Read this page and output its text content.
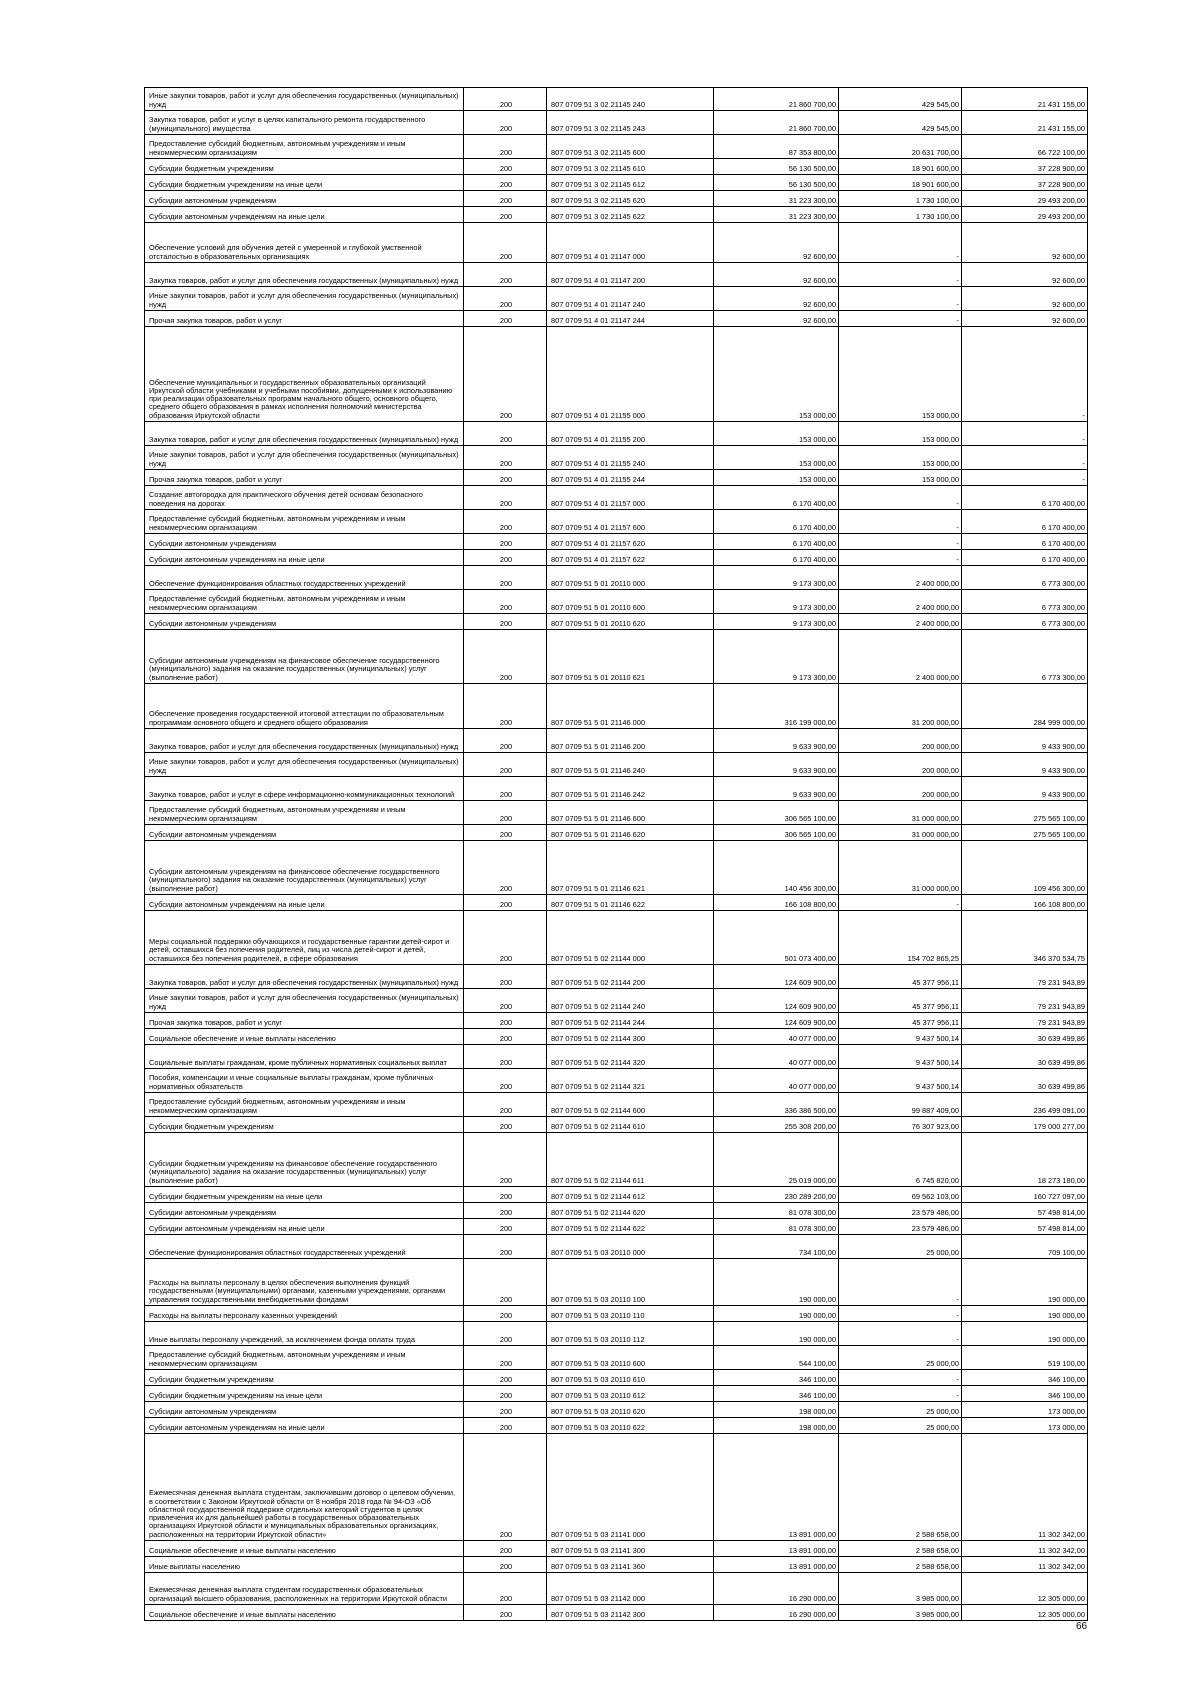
Иные закупки товаров, работ и услуг для обеспечения государственных (муниципальных) нужд	200	807 0709 51 3 02 21145 240	21 860 700,00	429 545,00	21 431 155,00
Закупка товаров, работ и услуг в целях капитального ремонта государственного (муниципального) имущества	200	807 0709 51 3 02 21145 243	21 860 700,00	429 545,00	21 431 155,00
Предоставление субсидий бюджетным, автономным учреждениям и иным некоммерческим организациям	200	807 0709 51 3 02 21145 600	87 353 800,00	20 631 700,00	66 722 100,00
Субсидии бюджетным учреждениям	200	807 0709 51 3 02 21145 610	56 130 500,00	18 901 600,00	37 228 900,00
Субсидии бюджетным учреждениям на иные цели	200	807 0709 51 3 02 21145 612	56 130 500,00	18 901 600,00	37 228 900,00
Субсидии автономным учреждениям	200	807 0709 51 3 02 21145 620	31 223 300,00	1 730 100,00	29 493 200,00
Субсидии автономным учреждениям на иные цели	200	807 0709 51 3 02 21145 622	31 223 300,00	1 730 100,00	29 493 200,00
Обеспечение условий для обучения детей с умеренной и глубокой умственной отсталостью в образовательных организациях	200	807 0709 51 4 01 21147 000	92 600,00	-	92 600,00
Закупка товаров, работ и услуг для обеспечения государственных (муниципальных) нужд	200	807 0709 51 4 01 21147 200	92 600,00	-	92 600,00
Иные закупки товаров, работ и услуг для обеспечения государственных (муниципальных) нужд	200	807 0709 51 4 01 21147 240	92 600,00	-	92 600,00
Прочая закупка товаров, работ и услуг	200	807 0709 51 4 01 21147 244	92 600,00	-	92 600,00
Обеспечение муниципальных и государственных образовательных организаций Иркутской области учебниками и учебными пособиями, допущенными к использованию при реализации образовательных программ начального общего, основного общего, среднего общего образования в рамках исполнения полномочий министерства образования Иркутской области	200	807 0709 51 4 01 21155 000	153 000,00	153 000,00	-
Закупка товаров, работ и услуг для обеспечения государственных (муниципальных) нужд	200	807 0709 51 4 01 21155 200	153 000,00	153 000,00	-
Иные закупки товаров, работ и услуг для обеспечения государственных (муниципальных) нужд	200	807 0709 51 4 01 21155 240	153 000,00	153 000,00	-
Прочая закупка товаров, работ и услуг	200	807 0709 51 4 01 21155 244	153 000,00	153 000,00	-
Создание автогородка для практического обучения детей основам безопасного поведения на дорогах	200	807 0709 51 4 01 21157 000	6 170 400,00	-	6 170 400,00
Предоставление субсидий бюджетным, автономным учреждениям и иным некоммерческим организациям	200	807 0709 51 4 01 21157 600	6 170 400,00	-	6 170 400,00
Субсидии автономным учреждениям	200	807 0709 51 4 01 21157 620	6 170 400,00	-	6 170 400,00
Субсидии автономным учреждениям на иные цели	200	807 0709 51 4 01 21157 622	6 170 400,00	-	6 170 400,00
Обеспечение функционирования областных государственных учреждений	200	807 0709 51 5 01 20110 000	9 173 300,00	2 400 000,00	6 773 300,00
Предоставление субсидий бюджетным, автономным учреждениям и иным некоммерческим организациям	200	807 0709 51 5 01 20110 600	9 173 300,00	2 400 000,00	6 773 300,00
Субсидии автономным учреждениям	200	807 0709 51 5 01 20110 620	9 173 300,00	2 400 000,00	6 773 300,00
Субсидии автономным учреждениям на финансовое обеспечение государственного (муниципального) задания на оказание государственных (муниципальных) услуг (выполнение работ)	200	807 0709 51 5 01 20110 621	9 173 300,00	2 400 000,00	6 773 300,00
Обеспечение проведения государственной итоговой аттестации по образовательным программам основного общего и среднего общего образования	200	807 0709 51 5 01 21146 000	316 199 000,00	31 200 000,00	284 999 000,00
Закупка товаров, работ и услуг для обеспечения государственных (муниципальных) нужд	200	807 0709 51 5 01 21146 200	9 633 900,00	200 000,00	9 433 900,00
Иные закупки товаров, работ и услуг для обеспечения государственных (муниципальных) нужд	200	807 0709 51 5 01 21146 240	9 633 900,00	200 000,00	9 433 900,00
Закупка товаров, работ и услуг в сфере информационно-коммуникационных технологий	200	807 0709 51 5 01 21146 242	9 633 900,00	200 000,00	9 433 900,00
Предоставление субсидий бюджетным, автономным учреждениям и иным некоммерческим организациям	200	807 0709 51 5 01 21146 600	306 565 100,00	31 000 000,00	275 565 100,00
Субсидии автономным учреждениям	200	807 0709 51 5 01 21146 620	306 565 100,00	31 000 000,00	275 565 100,00
Субсидии автономным учреждениям на финансовое обеспечение государственного (муниципального) задания на оказание государственных (муниципальных) услуг (выполнение работ)	200	807 0709 51 5 01 21146 621	140 456 300,00	31 000 000,00	109 456 300,00
Субсидии автономным учреждениям на иные цели	200	807 0709 51 5 01 21146 622	166 108 800,00	-	166 108 800,00
Меры социальной поддержки обучающихся и государственные гарантии детей-сирот и детей, оставшихся без попечения родителей, лиц из числа детей-сирот и детей, оставшихся без попечения родителей, в сфере образования	200	807 0709 51 5 02 21144 000	501 073 400,00	154 702 865,25	346 370 534,75
Закупка товаров, работ и услуг для обеспечения государственных (муниципальных) нужд	200	807 0709 51 5 02 21144 200	124 609 900,00	45 377 956,11	79 231 943,89
Иные закупки товаров, работ и услуг для обеспечения государственных (муниципальных) нужд	200	807 0709 51 5 02 21144 240	124 609 900,00	45 377 956,11	79 231 943,89
Прочая закупка товаров, работ и услуг	200	807 0709 51 5 02 21144 244	124 609 900,00	45 377 956,11	79 231 943,89
Социальное обеспечение и иные выплаты населению	200	807 0709 51 5 02 21144 300	40 077 000,00	9 437 500,14	30 639 499,86
Социальные выплаты гражданам, кроме публичных нормативных социальных выплат	200	807 0709 51 5 02 21144 320	40 077 000,00	9 437 500,14	30 639 499,86
Пособия, компенсации и иные социальные выплаты гражданам, кроме публичных нормативных обязательств	200	807 0709 51 5 02 21144 321	40 077 000,00	9 437 500,14	30 639 499,86
Предоставление субсидий бюджетным, автономным учреждениям и иным некоммерческим организациям	200	807 0709 51 5 02 21144 600	336 386 500,00	99 887 409,00	236 499 091,00
Субсидии бюджетным учреждениям	200	807 0709 51 5 02 21144 610	255 308 200,00	76 307 923,00	179 000 277,00
Субсидии бюджетным учреждениям на финансовое обеспечение государственного (муниципального) задания на оказание государственных (муниципальных) услуг (выполнение работ)	200	807 0709 51 5 02 21144 611	25 019 000,00	6 745 820,00	18 273 180,00
Субсидии бюджетным учреждениям на иные цели	200	807 0709 51 5 02 21144 612	230 289 200,00	69 562 103,00	160 727 097,00
Субсидии автономным учреждениям	200	807 0709 51 5 02 21144 620	81 078 300,00	23 579 486,00	57 498 814,00
Субсидии автономным учреждениям на иные цели	200	807 0709 51 5 02 21144 622	81 078 300,00	23 579 486,00	57 498 814,00
Обеспечение функционирования областных государственных учреждений	200	807 0709 51 5 03 20110 000	734 100,00	25 000,00	709 100,00
Расходы на выплаты персоналу в целях обеспечения выполнения функций государственными (муниципальными) органами, казенными учреждениями, органами управления государственными внебюджетными фондами	200	807 0709 51 5 03 20110 100	190 000,00	-	190 000,00
Расходы на выплаты персоналу казенных учреждений	200	807 0709 51 5 03 20110 110	190 000,00	-	190 000,00
Иные выплаты персоналу учреждений, за исключением фонда оплаты труда	200	807 0709 51 5 03 20110 112	190 000,00	-	190 000,00
Предоставление субсидий бюджетным, автономным учреждениям и иным некоммерческим организациям	200	807 0709 51 5 03 20110 600	544 100,00	25 000,00	519 100,00
Субсидии бюджетным учреждениям	200	807 0709 51 5 03 20110 610	346 100,00	-	346 100,00
Субсидии бюджетным учреждениям на иные цели	200	807 0709 51 5 03 20110 612	346 100,00	-	346 100,00
Субсидии автономным учреждениям	200	807 0709 51 5 03 20110 620	198 000,00	25 000,00	173 000,00
Субсидии автономным учреждениям на иные цели	200	807 0709 51 5 03 20110 622	198 000,00	25 000,00	173 000,00
Ежемесячная денежная выплата студентам, заключившим договор о целевом обучении, в соответствии с Законом Иркутской области от 8 ноября 2018 года № 94-ОЗ «Об областной государственной поддержке отдельных категорий студентов в целях привлечения их для дальнейшей работы в государственных образовательных организациях Иркутской области и муниципальных образовательных организациях, расположенных на территории Иркутской области»	200	807 0709 51 5 03 21141 000	13 891 000,00	2 588 658,00	11 302 342,00
Социальное обеспечение и иные выплаты населению	200	807 0709 51 5 03 21141 300	13 891 000,00	2 588 658,00	11 302 342,00
Иные выплаты населению	200	807 0709 51 5 03 21141 360	13 891 000,00	2 588 658,00	11 302 342,00
Ежемесячная денежная выплата студентам государственных образовательных организаций высшего образования, расположенных на территории Иркутской области	200	807 0709 51 5 03 21142 000	16 290 000,00	3 985 000,00	12 305 000,00
Социальное обеспечение и иные выплаты населению	200	807 0709 51 5 03 21142 300	16 290 000,00	3 985 000,00	12 305 000,00
66
